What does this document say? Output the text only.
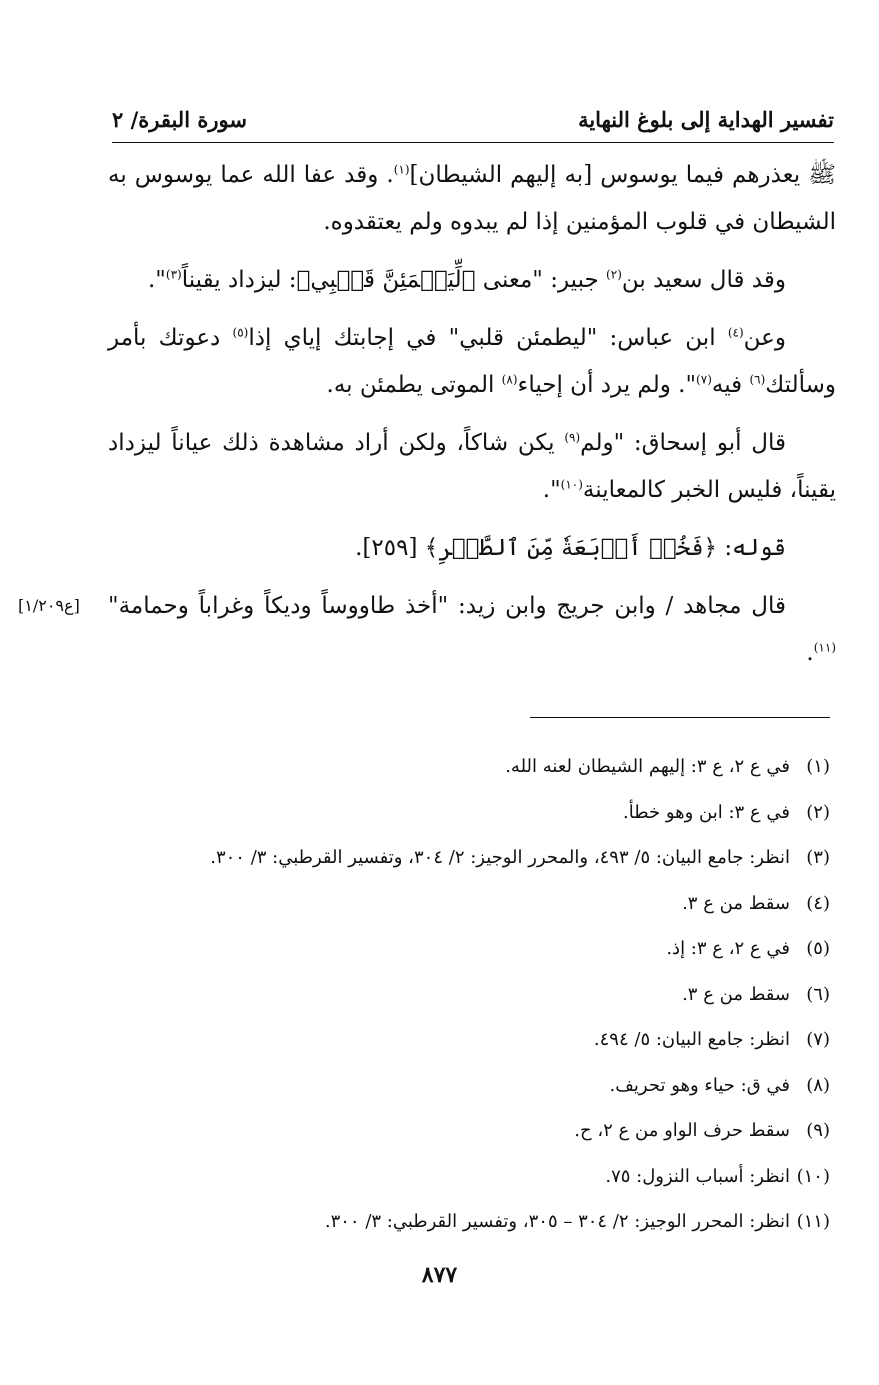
تفسير الهداية إلى بلوغ النهاية
سورة البقرة/ ٢

ﷺ يعذرهم فيما يوسوس [به إليهم الشيطان]$^{(١)}$. وقد عفا الله عما يوسوس به الشيطان في قلوب المؤمنين إذا لم يبدوه ولم يعتقدوه.

وقد قال سعيد بن$^{(٢)}$ جبير: "معنى ﴿لِّيَطۡمَئِنَّ قَلۡبِي﴾: ليزداد يقيناً$^{(٣)}$".

وعن$^{(٤)}$ ابن عباس: "ليطمئن قلبي" في إجابتك إياي إذا$^{(٥)}$ دعوتك بأمر وسألتك$^{(٦)}$ فيه$^{(٧)}$". ولم يرد أن إحياء$^{(٨)}$ الموتى يطمئن به.

قال أبو إسحاق: "ولم$^{(٩)}$ يكن شاكاً، ولكن أراد مشاهدة ذلك عياناً ليزداد يقيناً، فليس الخبر كالمعاينة$^{(١٠)}$".

قوله: ﴿فَخُذۡ أَرۡبَعَةٗ مِّنَ ٱلطَّيۡرِ﴾ [٢٥٩].

قال مجاهد / وابن جريج وابن زيد: "أخذ طاووساً وديكاً وغراباً وحمامة"$^{(١١)}$.

[ع١/٢٠٩]
(١)
في ع ٢، ع ٣: إليهم الشيطان لعنه الله.
(٢)
في ع ٣: ابن وهو خطأ.
(٣)
انظر: جامع البيان: ٥/ ٤٩٣، والمحرر الوجيز: ٢/ ٣٠٤، وتفسير القرطبي: ٣/ ٣٠٠.
(٤)
سقط من ع ٣.
(٥)
في ع ٢، ع ٣: إذ.
(٦)
سقط من ع ٣.
(٧)
انظر: جامع البيان: ٥/ ٤٩٤.
(٨)
في ق: حياء وهو تحريف.
(٩)
سقط حرف الواو من ع ٢، ح.
(١٠)
انظر: أسباب النزول: ٧٥.
(١١)
انظر: المحرر الوجيز: ٢/ ٣٠٤ – ٣٠٥، وتفسير القرطبي: ٣/ ٣٠٠.
٨٧٧
